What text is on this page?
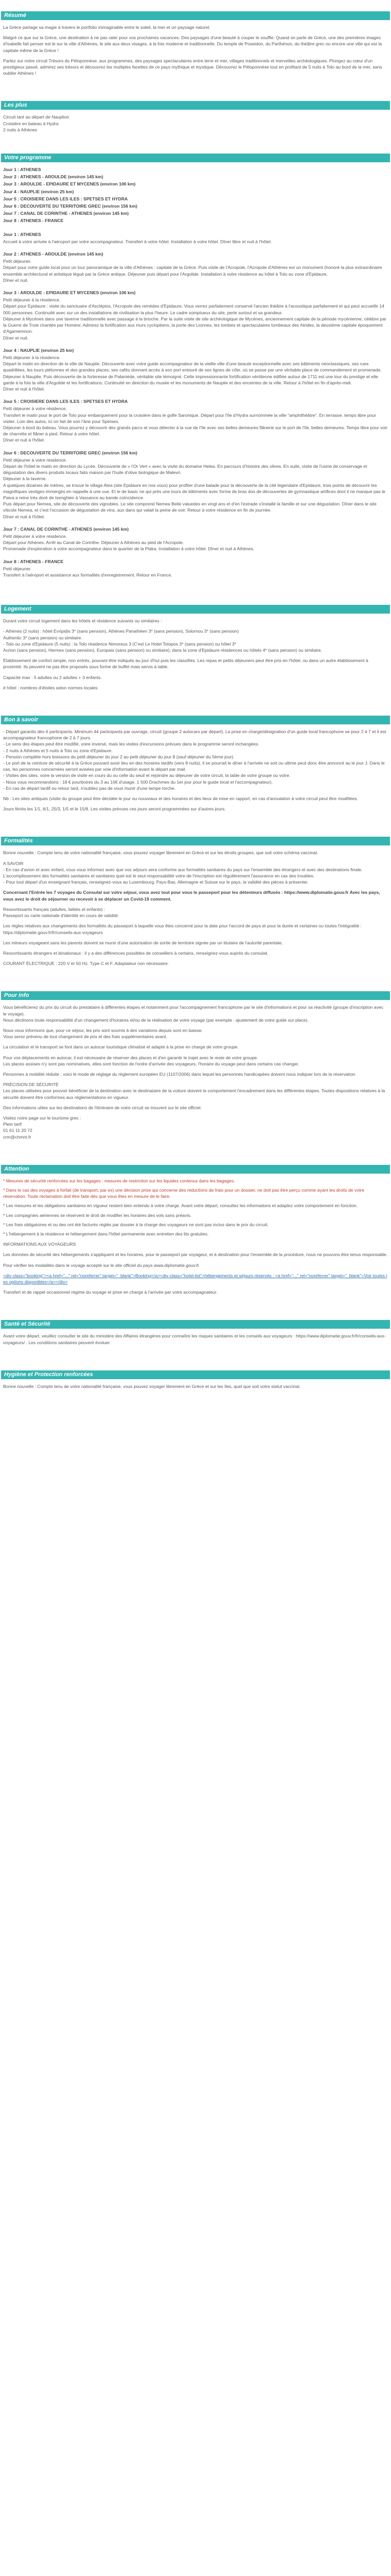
Résumé

La Grèce partage sa magie à travers le portfolio inimaginable entre le soleil, la mer et un paysage naturel.

Malgré ce que sur la Grèce, une destination à ne pas rater pour vos prochaines vacances. Des paysages d'une beauté à couper le souffle. Quand on parle de Grèce, une des premières images d'Isabelle fait penser est le sur la ville d'Athènes, le site aux deux visages, à la fois moderne et traditionnelle. Du temple de Poseidon, du Parthénon, du théâtre grec ou encore une ville qui est la capitale même de la Grèce !

Partez sur notre circuit Trésors du Péloponnèse, aux programmes, des paysages spectaculaires entre terre et mer, villages traditionnels et merveilles archéologiques. Plongez au cœur d'un prestigieux passé, admirez ses trésors et découvrez les multiples facettes de ce pays mythique et mystique. Découvrez le Péloponnèse tout en profitant de 5 nuits à Tolo au bord de la mer, sans oublier Athènes !

Les plus

Circuit tant au départ de Nauplion

Croisière en bateau à Hydra

2 nuits à Athènes

Votre programme

Jour 1 : ATHENES

Jour 2 : ATHENES - AROULDE (environ 145 km)

Jour 3 : AROULDE - EPIDAURE ET MYCENES (environ 106 km)

Jour 4 : NAUPLIE (environ 25 km)

Jour 5 : CROISIERE DANS LES ILES : SPETSES ET HYDRA

Jour 6 : DECOUVERTE DU TERRITOIRE GREC (environ 156 km)

Jour 7 : CANAL DE CORINTHE - ATHENES (environ 145 km)

Jour 8 : ATHENES - FRANCE

Jour 1 : ATHENES

Accueil à votre arrivée à l'aéroport par votre accompagnateur. Transfert à votre hôtel. Installation à votre hôtel. Dîner libre et nuit à l'hôtel.

Jour 2 : ATHENES - AROULDE (environ 145 km)

Petit déjeuner.
Départ pour votre guide local pour un tour panoramique de la ville d'Athènes : capitale de la Grèce. Puis visite de l'Acropole, l'Acropole d'Athènes est un monument (honoré la plus extraordinaire ensemble architectural et artistique légué par la Grèce antique. Déjeuner puis départ pour l'Argolide. Installation à votre résidence au hôtel à Tolo ou zone d'Epidaure.
Dîner et nuit.

Jour 3 : AROULDE - EPIDAURE ET MYCENES (environ 106 km)

Petit déjeuner à la résidence.
Départ pour Epidaure : visite du sanctuaire d'Asclépios, l'Acropole des remèdes d'Epidaure. Vous verrez parfaitement conservé l'ancien théâtre à l'acoustique parfaitement et qui peut accueillir 14 000 personnes. Continuité avec sur un des installations de civilisation la plus l'heure. Le cadre somptueux du site, perle surtout et sa grandeur.
Déjeuner à Mycènes dans une taverne traditionnelle avec passage à la brioche. Par la suite visite de site archéologique de Mycènes, anciennement capitale de la période mycénienne, célèbre par la Guerre de Troie chantée par Homère. Admirez la fortification aux murs cyclopéens, la porte des Lionnes, les tombes et spectaculaires tombeaux des Atrides, la deuxième capitale époquement d'Agamemnon.
Dîner et nuit.

Jour 4 : NAUPLIE (environ 25 km)

Petit déjeuner à la résidence.
Départ le matin en direction de la ville de Nauplie. Découverte avec votre guide accompagnateur de la vieille ville d'une beauté exceptionnelle avec ses bâtiments néoclassiques, ses rues quadrillées, les tours piétonnes et des grandes places, ses cafés donnant accès à son port entouré de ses lignes de côte, où se passe par une véritable place de commandement et promenade. Déjeuner à Nauplie. Puis découverte de la forteresse de Palamède, véritable site témoigné. Cette impressionnante fortification vénitienne édifiée autour de 1711 est une tour du prestige et elle garde à la fois la ville d'Argolide et les fortifications. Continuité en direction du musée et les monuments de Nauplie et des enceintes de la ville. Retour à l'hôtel en fin d'après-midi.
Dîner et nuit à l'hôtel.

Jour 5 : CROISIERE DANS LES ILES : SPETSES ET HYDRA

Petit déjeuner à votre résidence.
Transfert le matin pour le port de Tolo pour embarquement pour la croisière dans le golfe Saronique. Départ pour l'île d'Hydra surnommée la ville "amphithéâtre". En terrasse, temps libre pour visiter. Loin des autos, ici on fait de son l'âne pour Spetses.
Déjeuner à bord du bateau. Vous pourrez y découvrir des grands parcs et vous délecter à la vue de l'île avec ses belles demeures flânerie sur le port de l'île, belles demeures. Temps libre pour voir de charrette et flâner à pied. Retour à votre hôtel.
Dîner et nuit à l'hôtel.

Jour 6 : DECOUVERTE DU TERRITOIRE GREC (environ 156 km)

Petit déjeuner à votre résidence.
Départ de l'hôtel le matin en direction du Lycée. Découverte de « l'Or Vert » avec la visite du domaine Helea. En parcours d'histoire des olives. En suite, visite de l'usine de conservage et dégustation des divers produits locaux faits maison par l'huile d'olive biologique de Malevri.
Déjeuner à la taverne.
A quelques dizaines de mètres, se trouve le village Alea (site Epidaure en nos vous) pour profiter d'une balade pour la découverte de la cité légendaire d'Epidaure, trois points de découvrir les magnifiques vestiges immergés en rappelle à une vue. Et le de basic ne qui près une tours de bâtiments avec forme de bras dos de découvertes de gymnastique artifices dont il ne manque pas le Paiva a reine très doré de Isenghien à Vassance au bande coïncidence.
Puis départ pour Nemea, site de découverte des vignobles. Le site comprend Nemea Belle valuedes en vingt ans et d'en l'estrade s'installé la famille et sur une dégustation. Dîner dans le site viticole Nemea, et c'est l'occasion de dégustation de vins, aux dans qui valait la peine de voir. Retour à votre résidence en fin de journée.
Dîner et nuit à l'hôtel.

Jour 7 : CANAL DE CORINTHE - ATHENES (environ 145 km)

Petit déjeuner à votre résidence.
Départ pour Athènes. Arrêt au Canal de Corinthe. Déjeuner à Athènes au pied de l'Acropole.
Promenade d'exploration à votre accompagnateur dans le quartier de la Plaka. Installation à votre hôtel. Dîner et nuit à Athènes.

Jour 8 : ATHENES - FRANCE

Petit déjeuner.
Transfert à l'aéroport et assistance aux formalités d'enregistrement. Retour en France.

Logement

Durant votre circuit logement dans les hôtels et résidence suivants ou similaires :

- Athènes (2 nuits) : hôtel Evripidis 3* (sans pension), Athènes Panathéen 3* (sans pension), Solomou 3* (sans pension)
Authentic 3* (sans pension) ou similaire.
- Tolo ou zone d'Epidaure (5 nuits) : la Tolo résidence Nimoreus 3 (C'est Le Hotel Tolopos 3* (sans pension) ou hôtel 3*
Acrion (sans pension), Hermes (sans pension), Europais (sans pension) ou similaire), dans la zone d'Epidaure résidences ou hôtels 4* (sans pension) ou similaire.

Établissement de confort simple, non entrés, pouvant être indiqués au jour d'hui puis les classifiés. Les repas et petits déjeuners peut être pris en l'hôtel, ou dans un autre établissement à proximité. Ils peuvent ne pas être proposés sous forme de buffet mais servis à table.

Capacité max : 5 adultes ou 2 adultes + 3 enfants.

# hôtel : nombres d'étoiles selon normes locales

Bon à savoir

- Départ garantis dès 6 participants. Minimum 44 participants par ouvrage, circuit (groupe 2 autocars par départ). La prise en charge/désignation d'un guide local francophone se pour 2 à 7 et il est accompagnateur francophone de 2 à 7 jours.
- Le sens des étapes peut être modifié, voire inversé, mais les visites d'excursions prévues dans le programme seront inchangées.
- 2 nuits à Athènes et 5 nuits à Tolo ou zone d'Epidaure.
- Pension complète hors boissons du petit déjeuner du jour 2 au petit déjeuner du jour 8 (sauf déjeuner du 5ème jour).
- Le port de la ceinture de sécurité à la Grèce pouvant avoir lieu en des horaires tardifs (vers 8 nuits), il se pourrait le dîner à l'arrivée ne soit ou ultime peut donc être annoncé au le jour J. Dans le cas, les personnes concernées seront avisées par voie d'information avant le départ par mail.
- Visites des sites, voire la version de visite en cours du ou celle du seuil et rejoindre au déjeuner de votre circuit, la table de votre groupe ou votre.
- Nous vous recommandons : 18 € pourboires du 3 au 10€ d'usage. 1 500 Drachmes du 1er jour pour le guide local et l'accompagnateur).
- En cas de départ tardif ou retour tard, n'oubliez pas de vous munir d'une lampe torche.

Nb : Les sites antiques (visite du groupe peut être décidée le jour ou nouveaux et des horaires et des lieux de mise en rapport, en cas d'annulation à votre circuit peut être modifiées.

Jours fériés les 1/1, 6/1, 25/3, 1/5 et le 15/8. Les visites prévues ces jours seront programmées sur d'autres jours.

Formalités

Bonne nouvelle : Compte tenu de votre nationalité française, vous pouvez voyager librement en Grèce et sur les étroits groupes, que soit votre schéma vaccinal.

A SAVOIR
- En cas d'avion et avec enfant, vous vous informez avec que vos séjours sera conforme aux formalités sanitaires du pays sur l'ensemble des étrangers et avec des destinations finale.
L'accomplissement des formalités sanitaires et sanitaires quel est le seul responsabilité votre de l'inscription est régulièrement l'assurance en cas des troubles.
- Pour tout départ d'un enseignant français, renseignez-vous au Luxembourg, Pays-Bas, Allemagne et Suisse sur le pays, la validité des pièces à présenter.

Concernant l'Entrée les 7 voyages du Consulat sur votre séjour, vous avez tout pour vous le passeport pour les détenteurs diffusés : https://www.diplomatie.gouv.fr Avec les pays, vous avez le droit de séjourner ou recevoir à se déplacer un Covid-19 comment.

Ressortissants français (adultes, bébés et enfants) :
Passeport ou carte nationale d'identité en cours de validité.

Les règles relatives aux changements des formalités du passeport à laquelle vous êtes concerné pour la date pour l'accord de pays et pour la durée et certaines ou toutes l'intégralité : https://diplomatie.gouv.fr/fr/conseils-aux-voyageurs

Les mineurs voyageant sans les parents doivent se munir d'une autorisation de sortie de territoire signée par un titulaire de l'autorité parentale.

Ressortissants étrangers et binationaux : il y a des différences possibles de conseillers à certains, renseignez-vous auprès du consulat.

COURANT ÉLECTRIQUE : 220 V et 50 Hz. Type C et F. Adaptateur non nécessaire.

Pour info

Vous bénéficierez du prix du circuit du prestataire à différentes étapes et notamment pour l'accompagnement francophone par le site d'informations et pour sa réactivité (groupe d'inscription avec le voyage).
Nous déclinons toute responsabilité d'un changement d'horaires et/ou de la réalisation de votre voyage (par exemple : ajustement de votre guide sur place).

Nous vous informons que, pour ce séjour, les prix sont soumis à des variations depuis sont en baisse.
Vous serez prévenu de tout changement de prix et des frais supplémentaires avant.

La circulation et le transport se font dans un autocar touristique climatisé et adapté à la prise en charge de votre groupe.

Pour vos déplacements en autocar, il est nécessaire de réserver des places et d'en garantir le trajet avec le reste de votre groupe.
Les places assises n'y sont pas nominatives, elles sont fonction de l'ordre d'arrivée des voyageurs, l'horaire du voyage peut dans certains cas changer.

Personnes à mobilité réduite : voici le mode de réglage du règlement européen EU (1107/2006) dans lequel les personnes handicapées doivent nous indiquer lors de la réservation.

PRÉCISION DE SÉCURITÉ
Les places utilisées pour pouvoir bénéficier de la destination avec le destinataire de la voiture doivent le comportement l'encadrement dans les différentes étapes. Toutes dispositions relatives à la sécurité doivent être conformes aux réglementations en vigueur.

Des informations utiles sur les destinations de l'itinéraire de votre circuit se trouvent sur le site officiel.

Visitez notre page sur le tourisme grec :
Plein tarif
01 61 11 20 72
crm@chmnt.fr

Attention
* Mesures de sécurité renforcées sur les bagages : mesures de restriction sur les liquides contenus dans les bagages.
* Dans le cas des voyages à forfait (de transport, par ex) une décision prise qui concerne des réductions de frais pour un dossier, ne doit pas être perçu comme ayant les droits de votre réservation. Toute réclamation doit être faite dès que vous êtes en mesure de le faire.
* Les mesures et les obligations sanitaires en vigueur restent bien entendu à votre charge. Avant votre départ, consultez les informations et adaptez votre comportement en fonction.
* Les compagnies aériennes se réservent le droit de modifier les horaires des vols sans préavis.
* Les frais obligatoires et ou des ont été facturés réglés par dossier à la charge des voyageurs ne sont pas inclus dans le prix du circuit.
* L'hébergement à la résidence et hébergement dans l'hôtel permanente avec entretien des lits gratuites.

INFORMATIONS AUX VOYAGEURS

Les données de sécurité des hébergements s'appliquent et les horaires, pour le passeport par voyageur, et à destination pour l'ensemble de la procédure, nous ne pouvons être tenus responsable.

Pour vérifier les modalités dans le voyage accepté sur le site officiel du pays www.diplomatie.gouv.fr

<div class="booking"><a href="..." rel="noreferrer" target="_blank">Booking</a><div class="hotel-list">hébergements et séjours réservés : <a href="..." rel="noreferrer" target="_blank">Voir toutes les options disponibles</a></div>

Transfert et de rappel occasionnel régime du voyage et prise en charge à l'arrivée par votre accompagnateur.

Santé et Sécurité

Avant votre départ, veuillez consulter le site du ministère des Affaires étrangères pour connaître les risques sanitaires et les conseils aux voyageurs : https://www.diplomatie.gouv.fr/fr/conseils-aux-voyageurs/ . Les conditions sanitaires peuvent évoluer.

Hygiène et Protection renforcées

Bonne nouvelle : Compte tenu de votre nationalité française, vous pouvez voyager librement en Grèce et sur les îles, quel que soit votre statut vaccinal.
